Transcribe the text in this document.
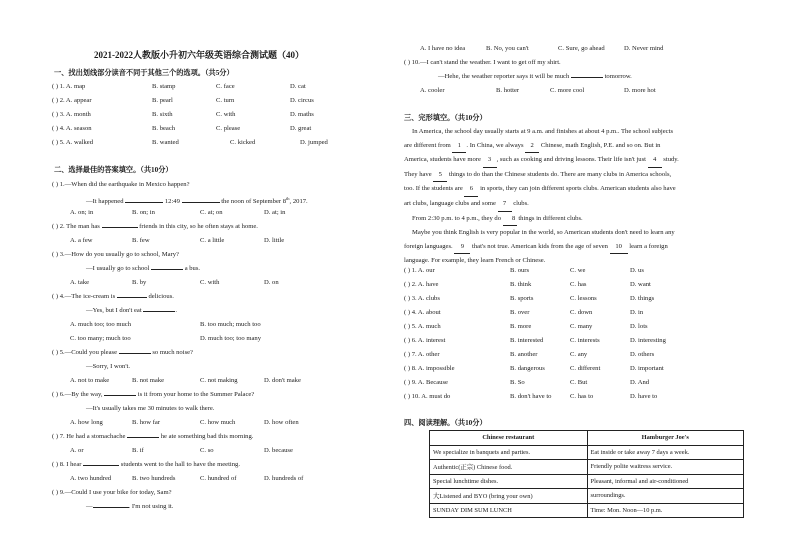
2021-2022人教版小升初六年级英语综合测试题（40）
一、找出划线部分读音不同于其他三个的选项。（共5分）
( ) 1. A. map	B. stamp	C. face	D. cat
( ) 2. A. appear	B. pearl	C. turn	D. circus
( ) 3. A. month	B. sixth	C. with	D. maths
( ) 4. A. season	B. beach	C. please	D. great
( ) 5. A. walked	B. wanted	C. kicked	D. jumped
二、选择最佳的答案填空。（共10分）
( ) 1.—When did the earthquake in Mexico happen?
—It happened	12:49	the noon of September 8th, 2017.
A. on; in	B. on; in	C. at; on	D. at; in
( ) 2. The man has	friends in this city, so he often stays at home.
A. a few	B. few	C. a little	D. little
( ) 3.—How do you usually go to school, Mary?
—I usually go to school	a bus.
A. take	B. by	C. with	D. on
( ) 4.—The ice-cream is	delicious.
—Yes, but I don't eat	.
A. much too; too much	B. too much; much too
C. too many; much too	D. much too; too many
( ) 5.—Could you please	so much noise?
—Sorry, I won't.
A. not to make	B. not make	C. not making	D. don't make
( ) 6.—By the way,	is it from your home to the Summer Palace?
—It's usually takes me 30 minutes to walk there.
A. how long	B. how far	C. how much	D. how often
( ) 7. He had a stomachache	he ate something bad this morning.
A. or	B. if	C. so	D. because
( ) 8. I hear	students went to the hall to have the meeting.
A. two hundred	B. two hundreds	C. hundred of	D. hundreds of
( ) 9.—Could I use your bike for today, Sam?
—	. I'm not using it.
A. I have no idea	B. No, you can't	C. Sure, go ahead	D. Never mind
( ) 10.—I can't stand the weather. I want to get off my shirt.
—Hehe, the weather reporter says it will be much	tomorrow.
A. cooler	B. hotter	C. more cool	D. more hot
三、完形填空。（共10分）
In America, the school day usually starts at 9 a.m. and finishes at about 4 p.m.. The school subjects
are different from 1 . In China, we always 2 Chinese, math English, P.E. and so on. But in
America, students have more 3 , such as cooking and driving lessons. Their life isn't just 4 study.
They have 5 things to do than the Chinese students do. There are many clubs in America schools,
too. If the students are 6 in sports, they can join different sports clubs. American students also have
art clubs, language clubs and some 7 clubs.
From 2:30 p.m. to 4 p.m., they do 8 things in different clubs.
Maybe you think English is very popular in the world, so American students don't need to learn any
foreign languages. 9 that's not true. American kids from the age of seven 10 learn a foreign
language. For example, they learn French or Chinese.
( ) 1. A. our	B. ours	C. we	D. us
( ) 2. A. have	B. think	C. has	D. want
( ) 3. A. clubs	B. sports	C. lessons	D. things
( ) 4. A. about	B. over	C. down	D. in
( ) 5. A. much	B. more	C. many	D. lots
( ) 6. A. interest	B. interested	C. interests	D. interesting
( ) 7. A. other	B. another	C. any	D. others
( ) 8. A. impossible	B. dangerous	C. different	D. important
( ) 9. A. Because	B. So	C. But	D. And
( ) 10. A. must do	B. don't have to	C. has to	D. have to
四、阅读理解。（共10分）
Chinese restaurant	Hamburger Joe's
We specialize in banquets and parties.	Eat inside or take away 7 days a week.
Authentic(正宗) Chinese food.	Friendly polite waitress service.
Special lunchtime dishes.	Pleasant, informal and air-conditioned
大Listened and BYO (bring your own)	surroundings.
SUNDAY DIM SUM LUNCH	Time: Mon. Noon—10 p.m.
